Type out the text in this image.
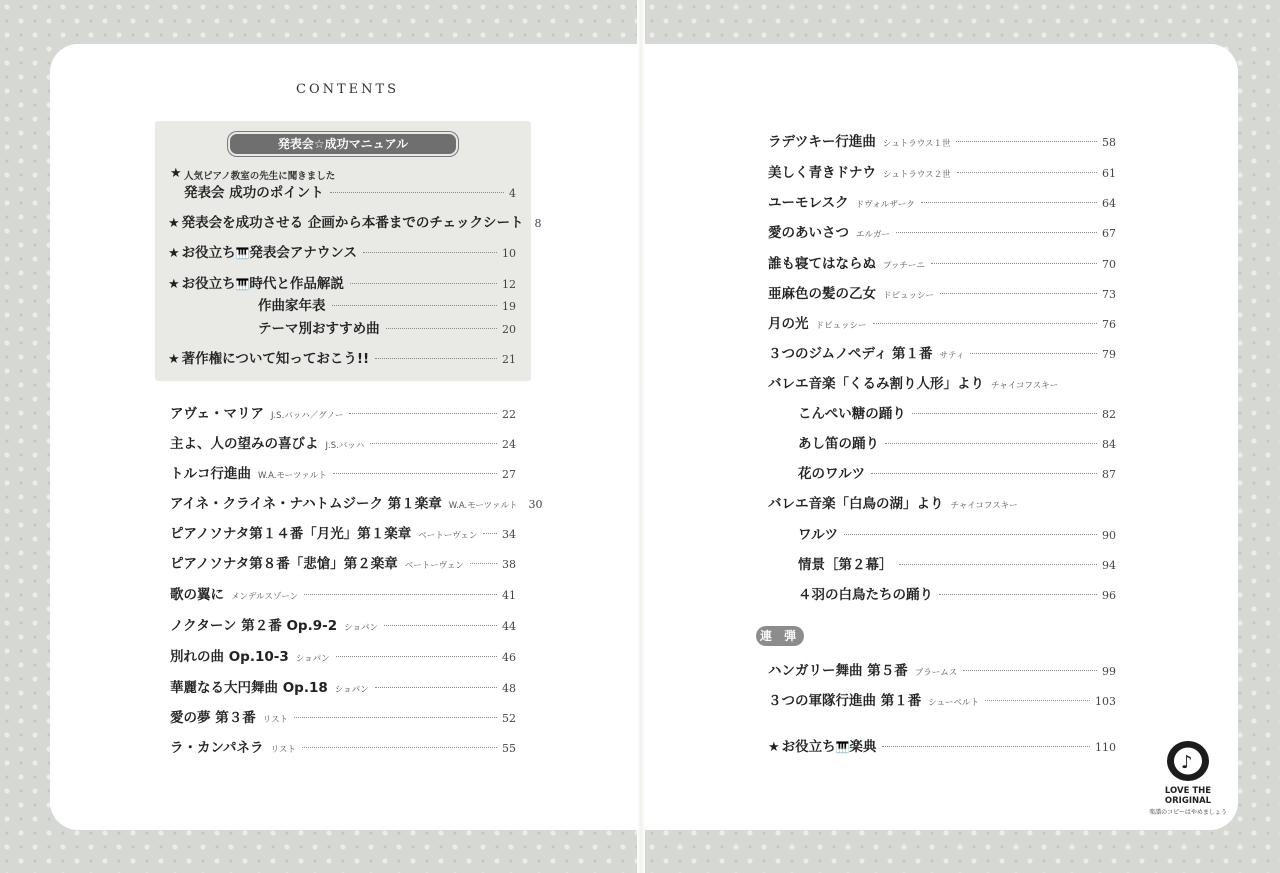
CONTENTS
発表会☆成功マニュアル
★ 人気ピアノ教室の先生に聞きました
発表会 成功のポイント	4
★ 発表会を成功させる 企画から本番までのチェックシート 8
★ お役立ち 🎹 発表会アナウンス	10
★ お役立ち 🎹 時代と作品解説	12
作曲家年表	19
テーマ別おすすめ曲	20
★ 著作権について知っておこう!!	21
アヴェ・マリア J.S.バッハ／グノー	22
主よ、人の望みの喜びよ J.S.バッハ	24
トルコ行進曲 W.A.モーツァルト	27
アイネ・クライネ・ナハトムジーク 第１楽章 W.A.モーツァルト 30
ピアノソナタ第１４番「月光」第１楽章 ベートーヴェン 34
ピアノソナタ第８番「悲愴」第２楽章 ベートーヴェン	38
歌の翼に メンデルスゾーン	41
ノクターン 第２番 Op.9-2 ショパン	44
別れの曲 Op.10-3 ショパン	46
華麗なる大円舞曲 Op.18 ショパン	48
愛の夢 第３番 リスト	52
ラ・カンパネラ リスト	55
ラデツキー行進曲 シュトラウス１世	58
美しく青きドナウ シュトラウス２世	61
ユーモレスク ドヴォルザーク	64
愛のあいさつ エルガー	67
誰も寝てはならぬ プッチーニ	70
亜麻色の髪の乙女 ドビュッシー	73
月の光 ドビュッシー	76
３つのジムノペディ 第１番 サティ	79
バレエ音楽「くるみ割り人形」より チャイコフスキー
こんぺい糖の踊り	82
あし笛の踊り	84
花のワルツ	87
バレエ音楽「白鳥の湖」より チャイコフスキー
ワルツ	90
情景［第２幕］	94
４羽の白鳥たちの踊り	96
連 弾
ハンガリー舞曲 第５番 ブラームス	99
３つの軍隊行進曲 第１番 シューベルト	103
★ お役立ち 🎹 楽典	110
♪
LOVE THE ORIGINAL
楽譜のコピーはやめましょう
